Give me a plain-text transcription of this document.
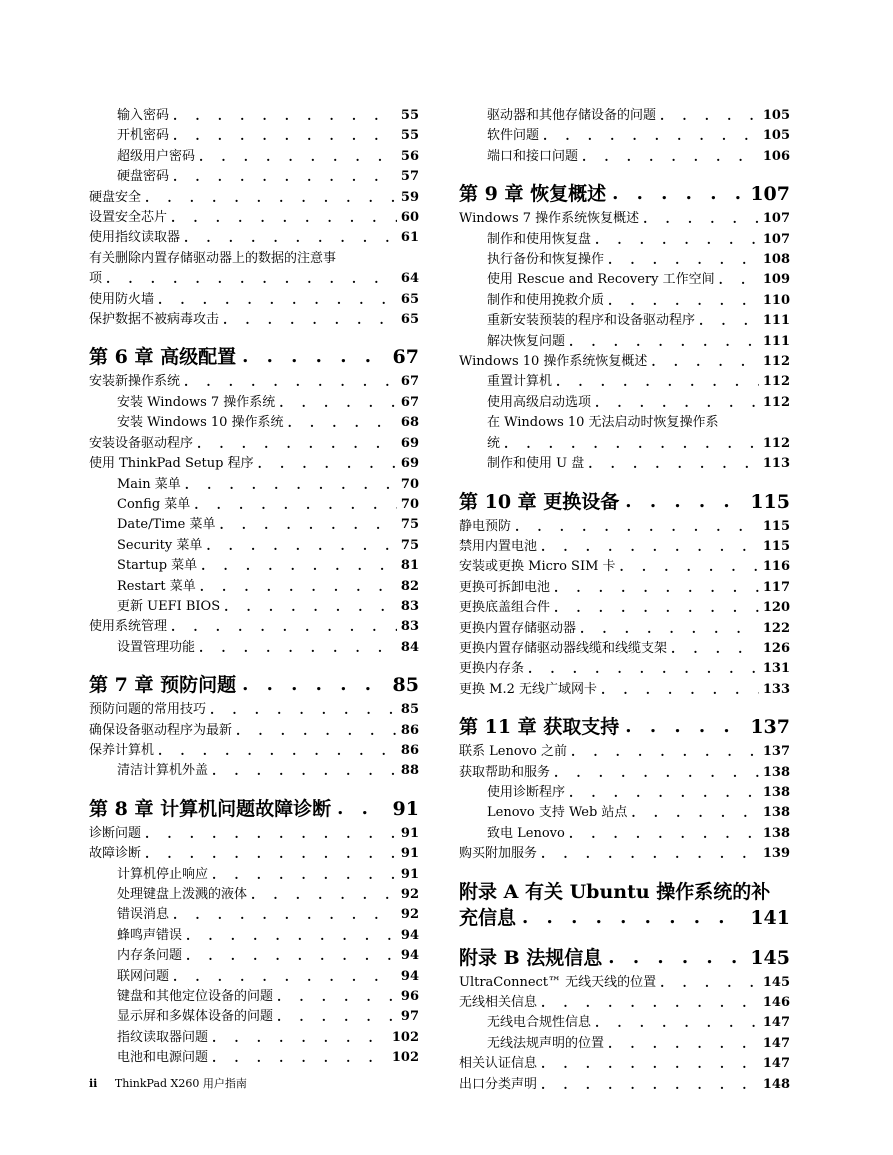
输入密码 . . .	55
开机密码 . . .	55
超级用户密码 . . .	56
硬盘密码 . . .	57
硬盘安全 . . .	59
设置安全芯片 . . .	60
使用指纹读取器 . . .	61
有关删除内置存储驱动器上的数据的注意事
项 . . .	64
使用防火墙 . . .	65
保护数据不被病毒攻击 . . .	65
第 6 章 高级配置 . . .	67
安装新操作系统 . . .	67
安装 Windows 7 操作系统 . . .	67
安装 Windows 10 操作系统 . . .	68
安装设备驱动程序 . . .	69
使用 ThinkPad Setup 程序 . . .	69
Main 菜单 . . .	70
Config 菜单 . . .	70
Date/Time 菜单 . . .	75
Security 菜单 . . .	75
Startup 菜单 . . .	81
Restart 菜单 . . .	82
更新 UEFI BIOS . . .	83
使用系统管理 . . .	83
设置管理功能 . . .	84
第 7 章 预防问题 . . .	85
预防问题的常用技巧 . . .	85
确保设备驱动程序为最新 . . .	86
保养计算机 . . .	86
清洁计算机外盖 . . .	88
第 8 章 计算机问题故障诊断 . . .	91
诊断问题 . . .	91
故障诊断 . . .	91
计算机停止响应 . . .	91
处理键盘上泼溅的液体 . . .	92
错误消息 . . .	92
蜂鸣声错误 . . .	94
内存条问题 . . .	94
联网问题 . . .	94
键盘和其他定位设备的问题 . . .	96
显示屏和多媒体设备的问题 . . .	97
指纹读取器问题 . . .	102
电池和电源问题 . . .	102
驱动器和其他存储设备的问题 . . .	105
软件问题 . . .	105
端口和接口问题 . . .	106
第 9 章 恢复概述 . . .	107
Windows 7 操作系统恢复概述 . . .	107
制作和使用恢复盘 . . .	107
执行备份和恢复操作 . . .	108
使用 Rescue and Recovery 工作空间 . . .	109
制作和使用挽救介质 . . .	110
重新安装预装的程序和设备驱动程序 . . .	111
解决恢复问题 . . .	111
Windows 10 操作系统恢复概述 . . .	112
重置计算机 . . .	112
使用高级启动选项 . . .	112
在 Windows 10 无法启动时恢复操作系
统 . . .	112
制作和使用 U 盘 . . .	113
第 10 章 更换设备 . . .	115
静电预防 . . .	115
禁用内置电池 . . .	115
安装或更换 Micro SIM 卡 . . .	116
更换可拆卸电池 . . .	117
更换底盖组合件 . . .	120
更换内置存储驱动器 . . .	122
更换内置存储驱动器线缆和线缆支架 . . .	126
更换内存条 . . .	131
更换 M.2 无线广域网卡 . . .	133
第 11 章 获取支持 . . .	137
联系 Lenovo 之前 . . .	137
获取帮助和服务 . . .	138
使用诊断程序 . . .	138
Lenovo 支持 Web 站点 . . .	138
致电 Lenovo . . .	138
购买附加服务 . . .	139
附录 A 有关 Ubuntu 操作系统的补
充信息 . . .	141
附录 B 法规信息 . . .	145
UltraConnect™ 无线天线的位置 . . .	145
无线相关信息 . . .	146
无线电合规性信息 . . .	147
无线法规声明的位置 . . .	147
相关认证信息 . . .	147
出口分类声明 . . .	148
ii ThinkPad X260 用户指南
